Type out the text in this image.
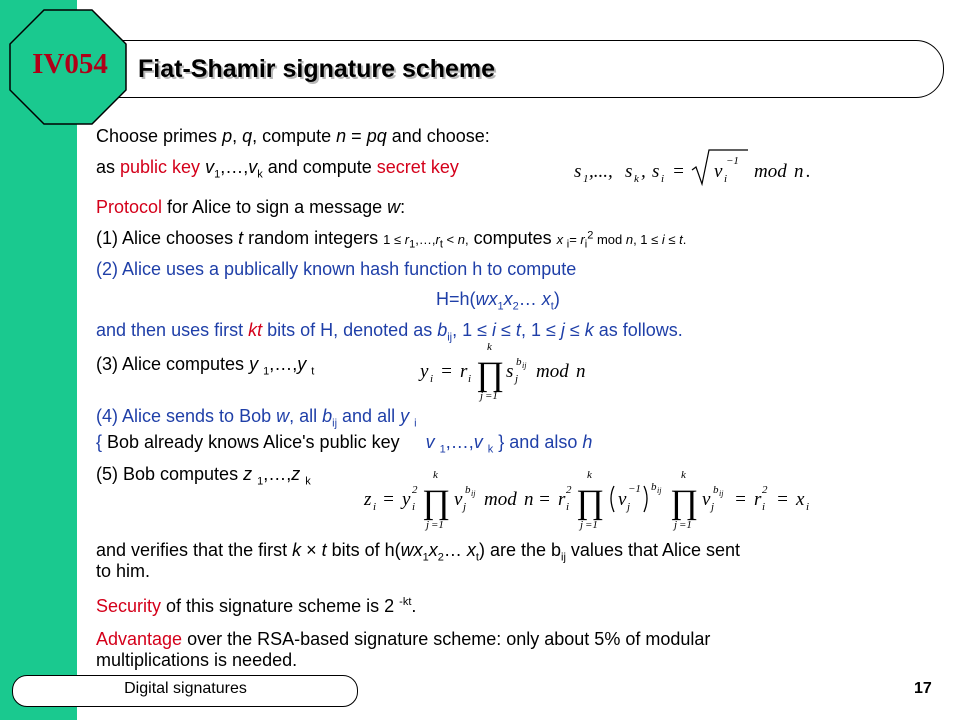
IV054	Fiat-Shamir signature scheme
Choose primes p, q, compute n = pq and choose:
as public key $v_1,\dots,v_k$ and compute secret key	s 1 ,..., s k , s i = v i
−1 mod n .
Protocol for Alice to sign a message w:
(1) Alice chooses t random integers $1 \le r_1,\dots,r_t < n$, computes x $_i= r_i^2$ mod n, 1 ≤ i ≤ t.
(2) Alice uses a publically known hash function h to compute
$H=h(wx_1x_2\dots$ $x_t$)
and then uses first kt bits of H, denoted as $b_{ij}$, 1 ≤ i ≤ t, 1 ≤ j ≤ k as follows.
(3) Alice computes y $_1$,…,y $_t$	y i = r i ∏
k
j =1
s j
b ij mod n
(4) Alice sends to Bob w, all $b_{ij}$ and all y $_i$
{ Bob already knows Alice's public key v $_1$,…,v $_k$ } and also h
(5) Bob computes z $_1$,…,z $_k$
z i = y i
2 ∏
k
j =1
v j
b ij mod n = r i
2 ∏
k
j =1
v j
−1 b ij ∏
k
j =1
v j
b ij = r i
2 = x i
and verifies that the first k × t bits of $h(wx_1x_2\dots$ $x_t$) are the $b_{ij}$ values that Alice sent
to him.
Security of this signature scheme is 2 $^{-kt}$.
Advantage over the RSA-based signature scheme: only about 5% of modular
multiplications is needed.
Digital signatures	17
